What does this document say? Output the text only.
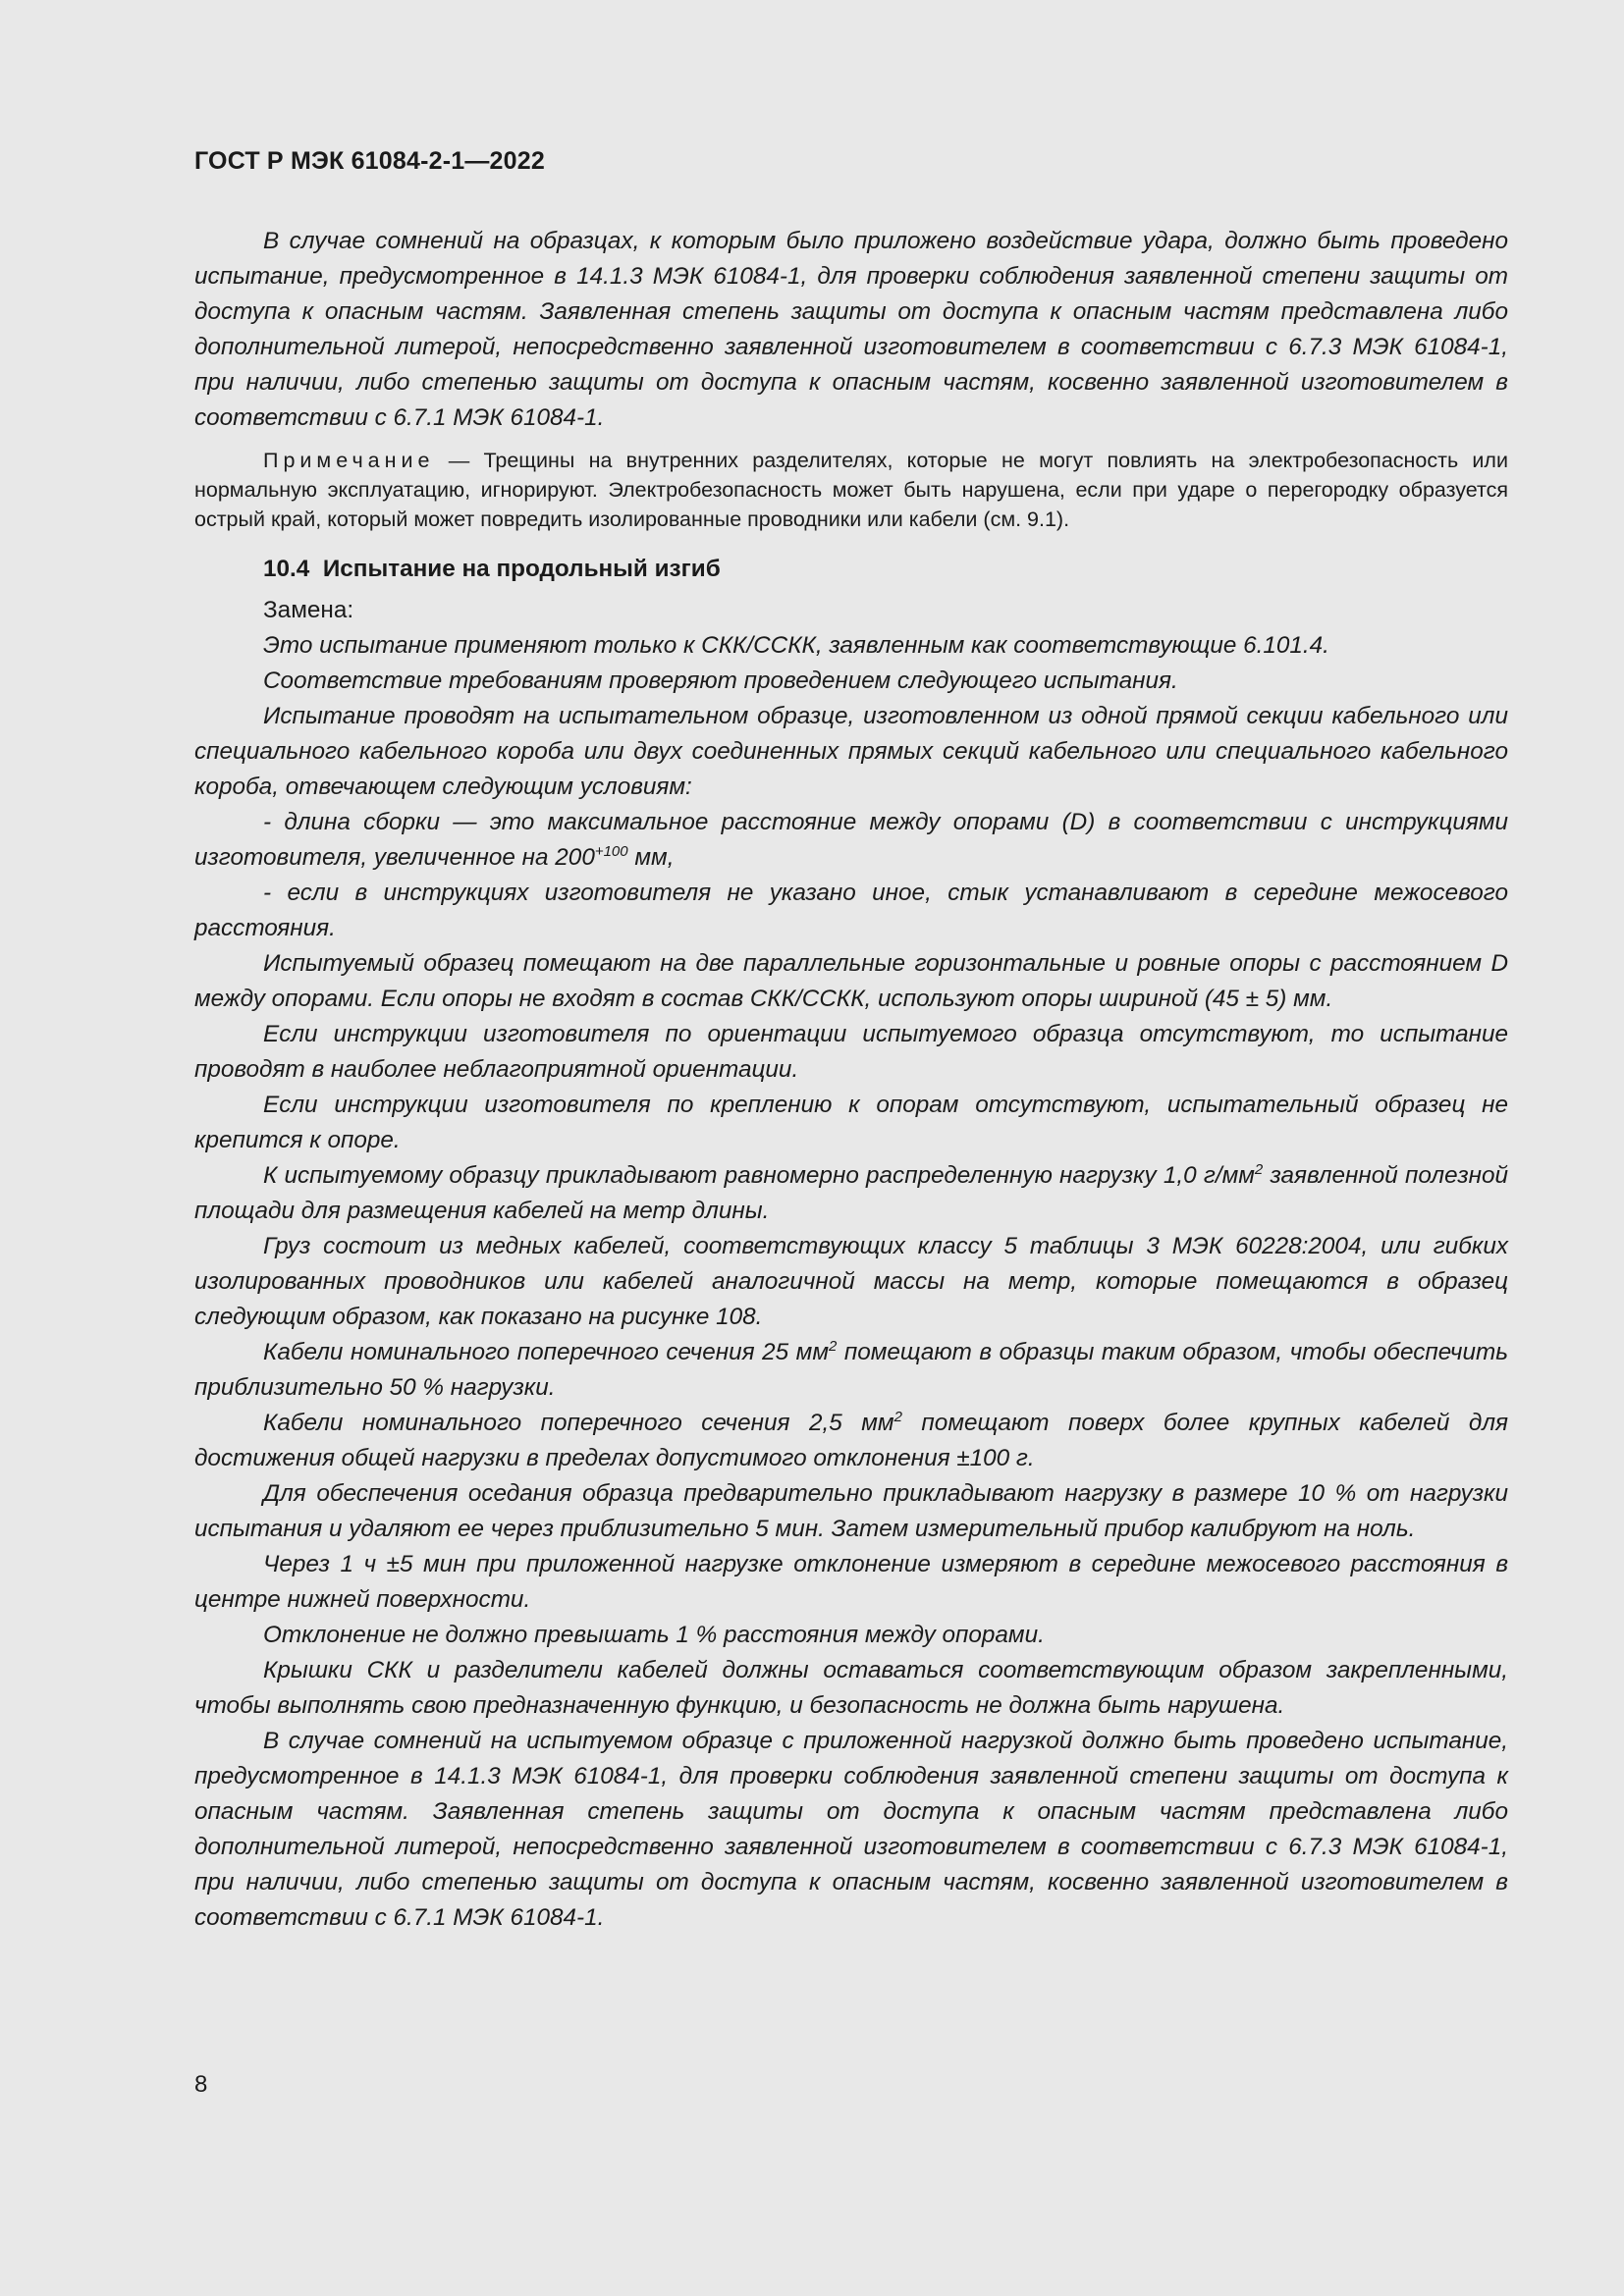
ГОСТ Р МЭК 61084-2-1—2022

В случае сомнений на образцах, к которым было приложено воздействие удара, должно быть проведено испытание, предусмотренное в 14.1.3 МЭК 61084-1, для проверки соблюдения заявленной степени защиты от доступа к опасным частям. Заявленная степень защиты от доступа к опасным частям представлена либо дополнительной литерой, непосредственно заявленной изготовителем в соответствии с 6.7.3 МЭК 61084-1, при наличии, либо степенью защиты от доступа к опасным частям, косвенно заявленной изготовителем в соответствии с 6.7.1 МЭК 61084-1.

Примечание — Трещины на внутренних разделителях, которые не могут повлиять на электробезопасность или нормальную эксплуатацию, игнорируют. Электробезопасность может быть нарушена, если при ударе о перегородку образуется острый край, который может повредить изолированные проводники или кабели (см. 9.1).

10.4 Испытание на продольный изгиб

Замена:

Это испытание применяют только к СКК/ССКК, заявленным как соответствующие 6.101.4.

Соответствие требованиям проверяют проведением следующего испытания.

Испытание проводят на испытательном образце, изготовленном из одной прямой секции кабельного или специального кабельного короба или двух соединенных прямых секций кабельного или специального кабельного короба, отвечающем следующим условиям:

- длина сборки — это максимальное расстояние между опорами (D) в соответствии с инструкциями изготовителя, увеличенное на $200^{+100}$ мм,

- если в инструкциях изготовителя не указано иное, стык устанавливают в середине межосевого расстояния.

Испытуемый образец помещают на две параллельные горизонтальные и ровные опоры с расстоянием D между опорами. Если опоры не входят в состав СКК/ССКК, используют опоры шириной (45 ± 5) мм.

Если инструкции изготовителя по ориентации испытуемого образца отсутствуют, то испытание проводят в наиболее неблагоприятной ориентации.

Если инструкции изготовителя по креплению к опорам отсутствуют, испытательный образец не крепится к опоре.

К испытуемому образцу прикладывают равномерно распределенную нагрузку 1,0 $г/мм^2$ заявленной полезной площади для размещения кабелей на метр длины.

Груз состоит из медных кабелей, соответствующих классу 5 таблицы 3 МЭК 60228:2004, или гибких изолированных проводников или кабелей аналогичной массы на метр, которые помещаются в образец следующим образом, как показано на рисунке 108.

Кабели номинального поперечного сечения 25 $мм^2$ помещают в образцы таким образом, чтобы обеспечить приблизительно 50 % нагрузки.

Кабели номинального поперечного сечения 2,5 $мм^2$ помещают поверх более крупных кабелей для достижения общей нагрузки в пределах допустимого отклонения ±100 г.

Для обеспечения оседания образца предварительно прикладывают нагрузку в размере 10 % от нагрузки испытания и удаляют ее через приблизительно 5 мин. Затем измерительный прибор калибруют на ноль.

Через 1 ч ±5 мин при приложенной нагрузке отклонение измеряют в середине межосевого расстояния в центре нижней поверхности.

Отклонение не должно превышать 1 % расстояния между опорами.

Крышки СКК и разделители кабелей должны оставаться соответствующим образом закрепленными, чтобы выполнять свою предназначенную функцию, и безопасность не должна быть нарушена.

В случае сомнений на испытуемом образце с приложенной нагрузкой должно быть проведено испытание, предусмотренное в 14.1.3 МЭК 61084-1, для проверки соблюдения заявленной степени защиты от доступа к опасным частям. Заявленная степень защиты от доступа к опасным частям представлена либо дополнительной литерой, непосредственно заявленной изготовителем в соответствии с 6.7.3 МЭК 61084-1, при наличии, либо степенью защиты от доступа к опасным частям, косвенно заявленной изготовителем в соответствии с 6.7.1 МЭК 61084-1.

8
